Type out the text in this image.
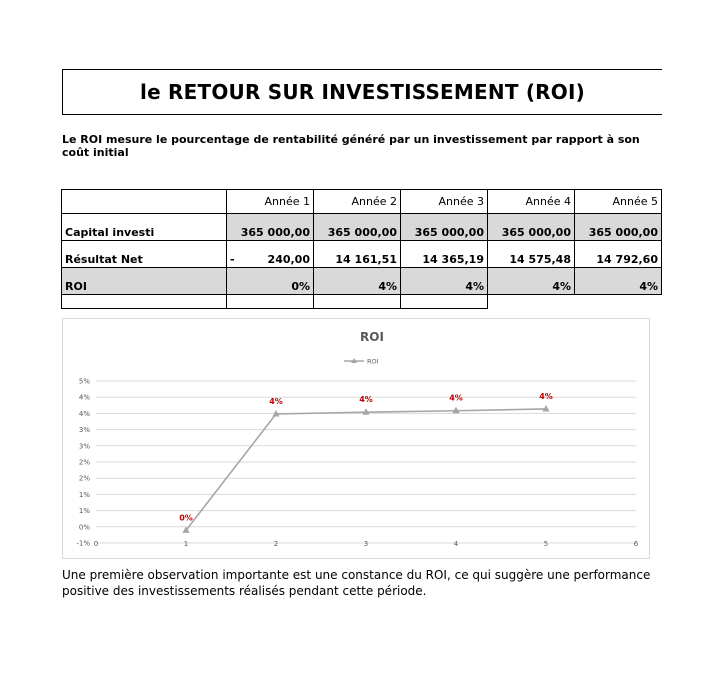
le RETOUR SUR INVESTISSEMENT (ROI)
Le ROI mesure le pourcentage de rentabilité généré par un investissement par rapport à son coût initial
	Année 1	Année 2	Année 3	Année 4	Année 5
Capital investi	365 000,00	365 000,00	365 000,00	365 000,00	365 000,00
Résultat Net	- 240,00	14 161,51	14 365,19	14 575,48	14 792,60
ROI	0%	4%	4%	4%	4%

5%
4%
4%
3%
3%
2%
2%
1%
1%
0%
-1% 0	1	2	3	4	5	6
ROI
ROI
0%
4%	4%	4%	4%
Une première observation importante est une constance du ROI, ce qui suggère une performance positive des investissements réalisés pendant cette période.
